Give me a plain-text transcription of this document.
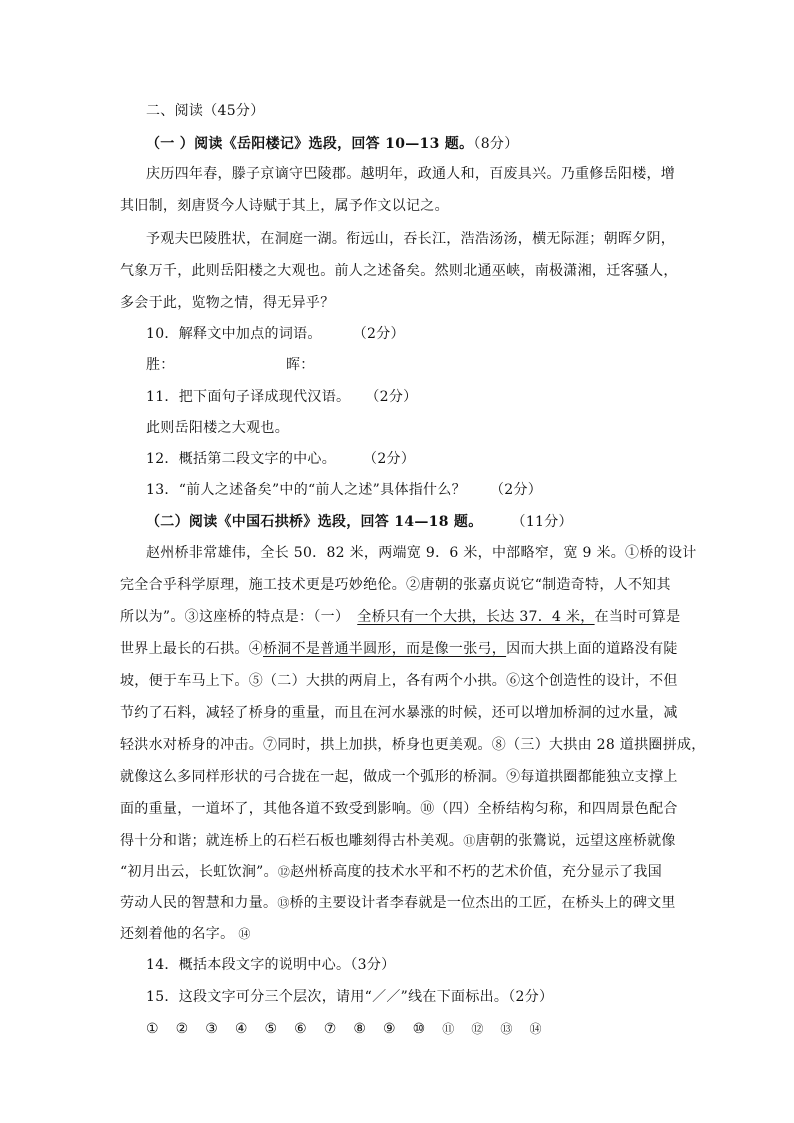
二、阅读（45分）
（一 ）阅读《岳阳楼记》选段，回答 10—13 题。（8分）
庆历四年春，滕子京谪守巴陵郡。越明年，政通人和，百废具兴。乃重修岳阳楼，增
其旧制，刻唐贤今人诗赋于其上，属予作文以记之。
予观夫巴陵胜状，在洞庭一湖。衔远山，吞长江，浩浩汤汤，横无际涯；朝晖夕阴，
气象万千，此则岳阳楼之大观也。前人之述备矣。然则北通巫峡，南极潇湘，迁客骚人，
多会于此，览物之情，得无异乎？
10．解释文中加点的词语。	（2分）
胜：	晖：
11．把下面句子译成现代汉语。 （2分）
此则岳阳楼之大观也。
12．概括第二段文字的中心。 （2分）
13．“前人之述备矣”中的“前人之述”具体指什么？ （2分）
（二）阅读《中国石拱桥》选段，回答 14—18 题。	（11分）
赵州桥非常雄伟，全长 50．82 米，两端宽 9．6 米，中部略窄，宽 9 米。①桥的设计
完全合乎科学原理，施工技术更是巧妙绝伦。②唐朝的张嘉贞说它“制造奇特，人不知其
所以为”。③这座桥的特点是：（一） 全桥只有一个大拱，长达 37．4 米，在当时可算是
世界上最长的石拱。④桥洞不是普通半圆形，而是像一张弓，因而大拱上面的道路没有陡
坡，便于车马上下。⑤（二）大拱的两肩上，各有两个小拱。⑥这个创造性的设计，不但
节约了石料，减轻了桥身的重量，而且在河水暴涨的时候，还可以增加桥洞的过水量，减
轻洪水对桥身的冲击。⑦同时，拱上加拱，桥身也更美观。⑧（三）大拱由 28 道拱圈拼成，
就像这么多同样形状的弓合拢在一起，做成一个弧形的桥洞。⑨每道拱圈都能独立支撑上
面的重量，一道坏了，其他各道不致受到影响。⑩（四）全桥结构匀称，和四周景色配合
得十分和谐；就连桥上的石栏石板也雕刻得古朴美观。⑪唐朝的张鷟说，远望这座桥就像
“初月出云，长虹饮涧”。⑫赵州桥高度的技术水平和不朽的艺术价值，充分显示了我国
劳动人民的智慧和力量。⑬桥的主要设计者李春就是一位杰出的工匠，在桥头上的碑文里
还刻着他的名字。 ⑭
14．概括本段文字的说明中心。（3分）
15．这段文字可分三个层次，请用“／／”线在下面标出。（2分）
① ② ③ ④ ⑤ ⑥ ⑦ ⑧ ⑨ ⑩ ⑪ ⑫ ⑬ ⑭
